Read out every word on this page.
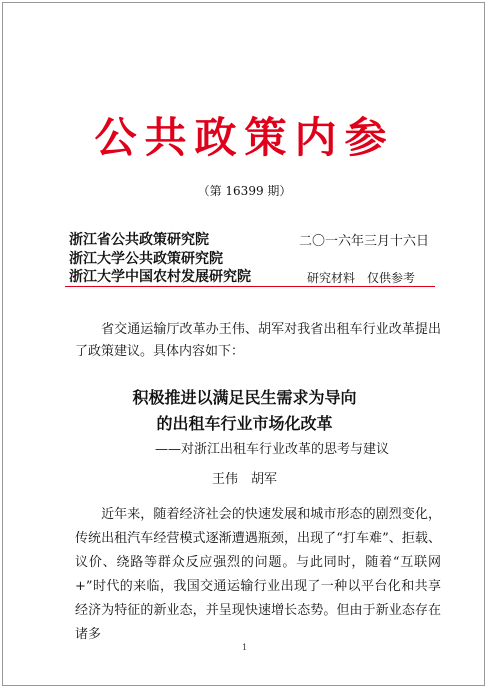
公共政策内参
（第 16399 期）
浙江省公共政策研究院
浙江大学公共政策研究院
浙江大学中国农村发展研究院
二〇一六年三月十六日
研究材料　仅供参考
省交通运输厅改革办王伟、胡军对我省出租车行业改革提出了政策建议。具体内容如下：
积极推进以满足民生需求为导向
的出租车行业市场化改革
——对浙江出租车行业改革的思考与建议
王伟　胡军
近年来，随着经济社会的快速发展和城市形态的剧烈变化，传统出租汽车经营模式逐渐遭遇瓶颈，出现了“打车难”、拒载、议价、绕路等群众反应强烈的问题。与此同时，随着“互联网+”时代的来临，我国交通运输行业出现了一种以平台化和共享经济为特征的新业态，并呈现快速增长态势。但由于新业态存在诸多
1
